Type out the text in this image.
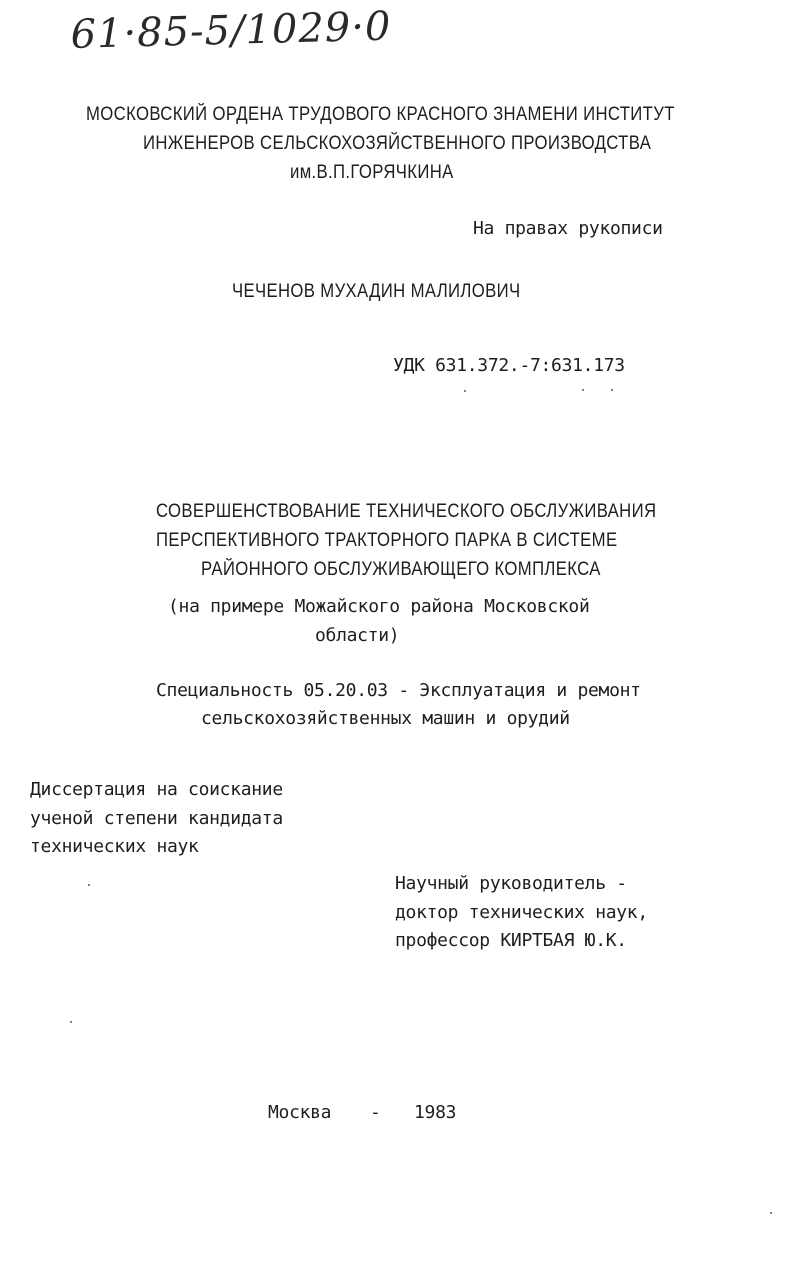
61·85-5/1029·0
МОСКОВСКИЙ ОРДЕНА ТРУДОВОГО КРАСНОГО ЗНАМЕНИ ИНСТИТУТ
ИНЖЕНЕРОВ СЕЛЬСКОХОЗЯЙСТВЕННОГО ПРОИЗВОДСТВА
им.В.П.ГОРЯЧКИНА
На правах рукописи
ЧЕЧЕНОВ МУХАДИН МАЛИЛОВИЧ
УДК 631.372.-7:631.173
СОВЕРШЕНСТВОВАНИЕ ТЕХНИЧЕСКОГО ОБСЛУЖИВАНИЯ
ПЕРСПЕКТИВНОГО ТРАКТОРНОГО ПАРКА В СИСТЕМЕ
РАЙОННОГО ОБСЛУЖИВАЮЩЕГО КОМПЛЕКСА
(на примере Можайского района Московской
области)
Специальность 05.20.03 - Эксплуатация и ремонт
сельскохозяйственных машин и орудий
Диссертация на соискание
ученой степени кандидата
технических наук
Научный руководитель -
доктор технических наук,
профессор КИРТБАЯ Ю.К.
Москва - 1983
